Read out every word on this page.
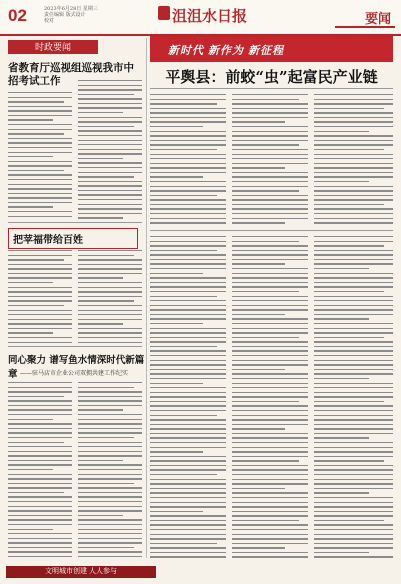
02	2023年6月28日 星期三
责任编辑 版式设计
校对	沮沮水日报	要闻
时政要闻	新时代 新作为 新征程
省教育厅巡视组巡视我市中招考试工作	平舆县：前蛟“虫”起富民产业链
把苹福带给百姓
同心聚力 谱写鱼水情深时代新篇章 ——驻马店市企业公司双拥共建工作纪实
文明城市创建 人人参与
